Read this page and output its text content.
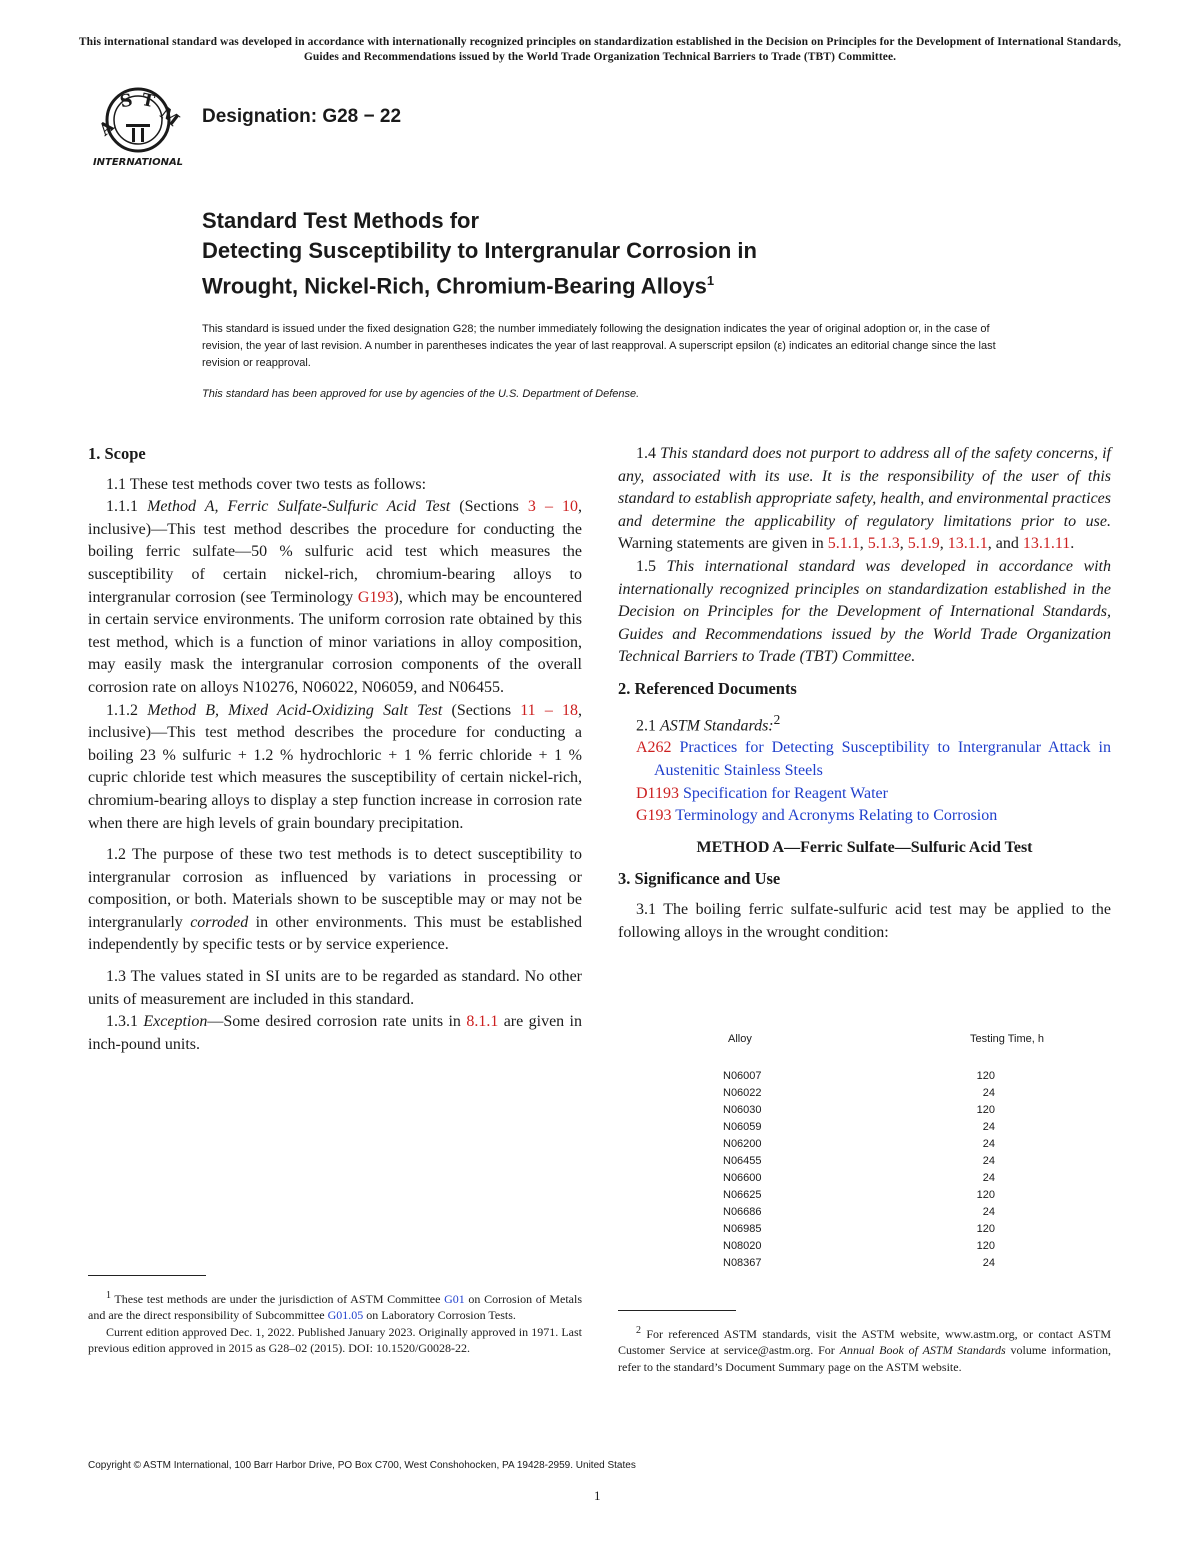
This international standard was developed in accordance with internationally recognized principles on standardization established in the Decision on Principles for the Development of International Standards, Guides and Recommendations issued by the World Trade Organization Technical Barriers to Trade (TBT) Committee.
A
S T
M
INTERNATIONAL
Designation: G28 − 22
Standard Test Methods for
Detecting Susceptibility to Intergranular Corrosion in
Wrought, Nickel-Rich, Chromium-Bearing Alloys$^1$
This standard is issued under the fixed designation G28; the number immediately following the designation indicates the year of original adoption or, in the case of revision, the year of last revision. A number in parentheses indicates the year of last reapproval. A superscript epsilon (ε) indicates an editorial change since the last revision or reapproval.
This standard has been approved for use by agencies of the U.S. Department of Defense.

1. Scope

1.1 These test methods cover two tests as follows:

1.1.1 Method A, Ferric Sulfate-Sulfuric Acid Test (Sections 3 – 10, inclusive)—This test method describes the procedure for conducting the boiling ferric sulfate—50 % sulfuric acid test which measures the susceptibility of certain nickel-rich, chromium-bearing alloys to intergranular corrosion (see Terminology G193), which may be encountered in certain service environments. The uniform corrosion rate obtained by this test method, which is a function of minor variations in alloy composition, may easily mask the intergranular corrosion components of the overall corrosion rate on alloys N10276, N06022, N06059, and N06455.

1.1.2 Method B, Mixed Acid-Oxidizing Salt Test (Sections 11 – 18, inclusive)—This test method describes the procedure for conducting a boiling 23 % sulfuric + 1.2 % hydrochloric + 1 % ferric chloride + 1 % cupric chloride test which measures the susceptibility of certain nickel-rich, chromium-bearing alloys to display a step function increase in corrosion rate when there are high levels of grain boundary precipitation.

1.2 The purpose of these two test methods is to detect susceptibility to intergranular corrosion as influenced by variations in processing or composition, or both. Materials shown to be susceptible may or may not be intergranularly corroded in other environments. This must be established independently by specific tests or by service experience.

1.3 The values stated in SI units are to be regarded as standard. No other units of measurement are included in this standard.

1.3.1 Exception—Some desired corrosion rate units in 8.1.1 are given in inch-pound units.

1.4 This standard does not purport to address all of the safety concerns, if any, associated with its use. It is the responsibility of the user of this standard to establish appropriate safety, health, and environmental practices and determine the applicability of regulatory limitations prior to use. Warning statements are given in 5.1.1, 5.1.3, 5.1.9, 13.1.1, and 13.1.11.

1.5 This international standard was developed in accordance with internationally recognized principles on standardization established in the Decision on Principles for the Development of International Standards, Guides and Recommendations issued by the World Trade Organization Technical Barriers to Trade (TBT) Committee.

2. Referenced Documents

2.1 ASTM Standards:$^2$

A262 Practices for Detecting Susceptibility to Intergranular Attack in Austenitic Stainless Steels

D1193 Specification for Reagent Water

G193 Terminology and Acronyms Relating to Corrosion

METHOD A—Ferric Sulfate—Sulfuric Acid Test

3. Significance and Use

3.1 The boiling ferric sulfate-sulfuric acid test may be applied to the following alloys in the wrought condition:

Alloy	Testing Time, h
N06007	120
N06022	24
N06030	120
N06059	24
N06200	24
N06455	24
N06600	24
N06625	120
N06686	24
N06985	120
N08020	120
N08367	24

$^1$ These test methods are under the jurisdiction of ASTM Committee G01 on Corrosion of Metals and are the direct responsibility of Subcommittee G01.05 on Laboratory Corrosion Tests.

Current edition approved Dec. 1, 2022. Published January 2023. Originally approved in 1971. Last previous edition approved in 2015 as G28–02 (2015). DOI: 10.1520/G0028-22.

$^2$ For referenced ASTM standards, visit the ASTM website, www.astm.org, or contact ASTM Customer Service at service@astm.org. For Annual Book of ASTM Standards volume information, refer to the standard’s Document Summary page on the ASTM website.

Copyright © ASTM International, 100 Barr Harbor Drive, PO Box C700, West Conshohocken, PA 19428-2959. United States
1
